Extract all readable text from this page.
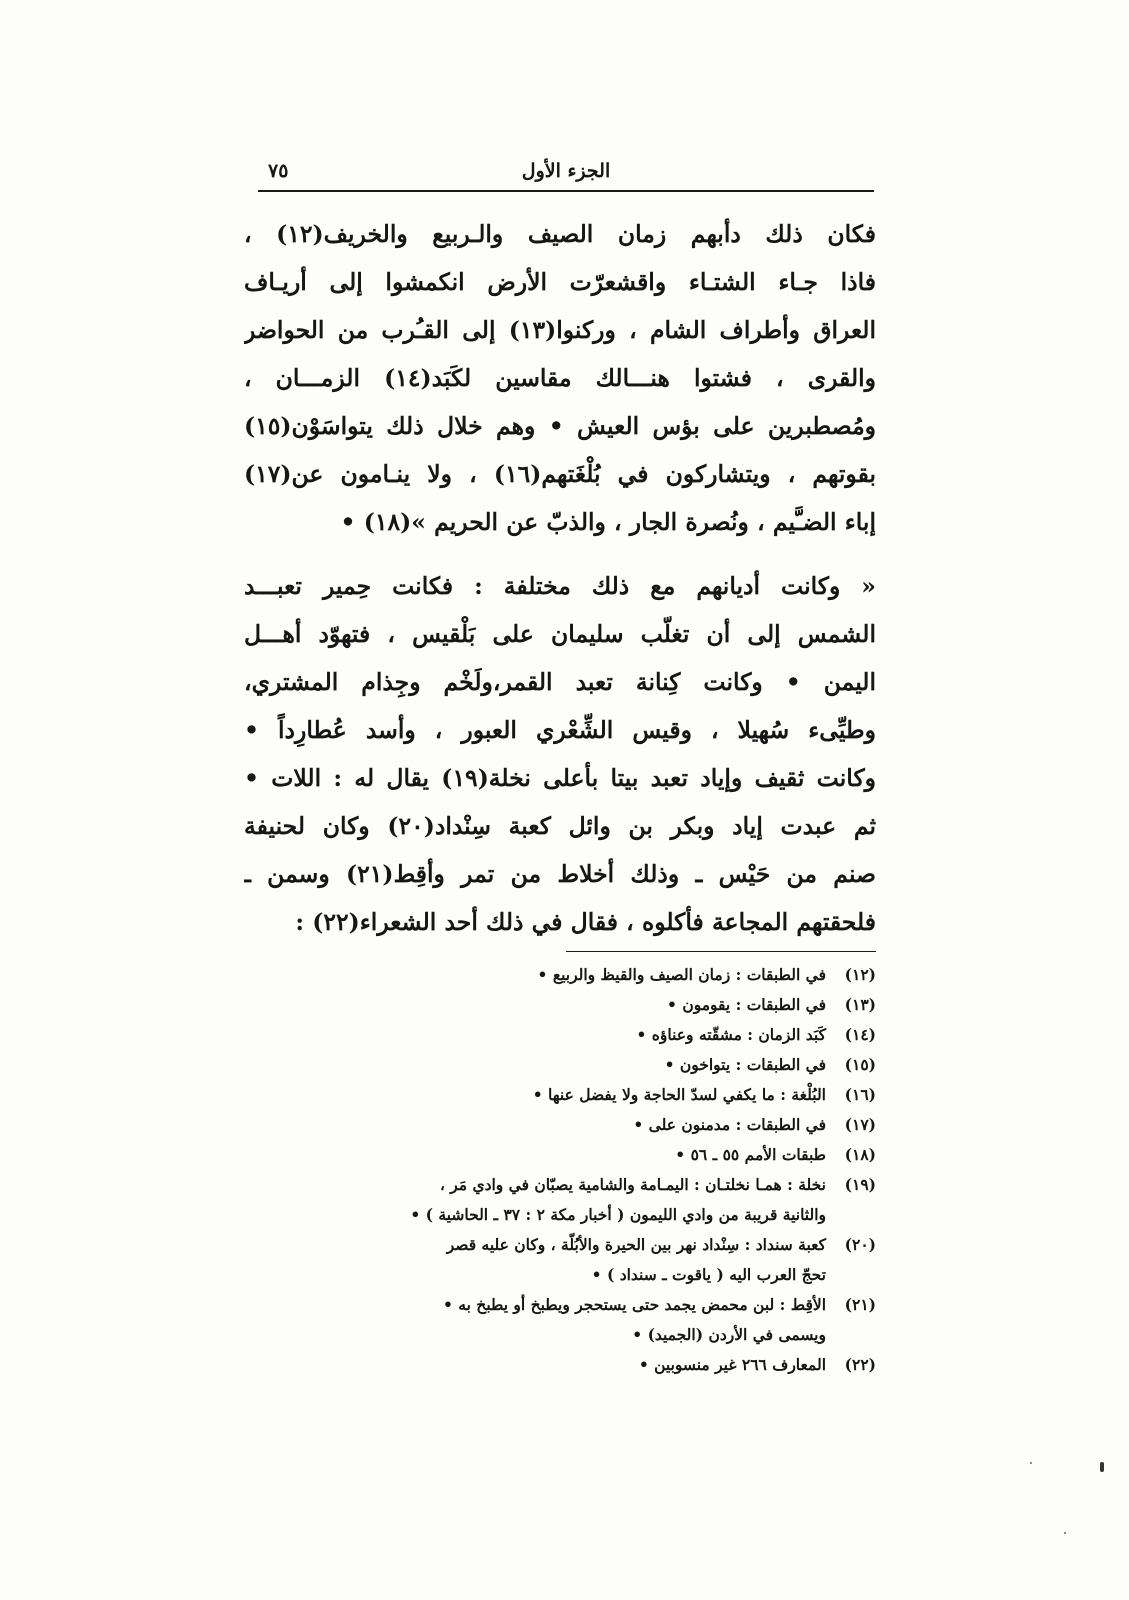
الجزء الأول
٧٥
فكان ذلك دأبهم زمان الصيف والـربيع والخريف(١٢) ،
فاذا جـاء الشتـاء واقشعرّت الأرض انكمشوا إلى أريـاف
العراق وأطراف الشام ، وركنوا(١٣) إلى القـُرب من الحواضر
والقرى ، فشتوا هنـــالك مقاسين لكَبَد(١٤) الزمـــان ،
ومُصطبرين على بؤس العيش • وهم خلال ذلك يتواسَوْن(١٥)
بقوتهم ، ويتشاركون في بُلْغَتهم(١٦) ، ولا ينـامون عن(١٧)
إباء الضـَّيم ، ونُصرة الجار ، والذبّ عن الحريم »(١٨) •
« وكانت أديانهم مع ذلك مختلفة : فكانت حِمير تعبـــد
الشمس إلى أن تغلّب سليمان على بَلْقيس ، فتهوّد أهـــل
اليمن • وكانت كِنانة تعبد القمر،ولَخْم وجِذام المشتري،
وطيِّىء سُهيلا ، وقيس الشِّعْري العبور ، وأسد عُطارِداً •
وكانت ثقيف وإياد تعبد بيتا بأعلى نخلة(١٩) يقال له : اللات •
ثم عبدت إياد وبكر بن وائل كعبة سِنْداد(٢٠) وكان لحنيفة
صنم من حَيْس ـ وذلك أخلاط من تمر وأقِط(٢١) وسمن ـ
فلحقتهم المجاعة فأكلوه ، فقال في ذلك أحد الشعراء(٢٢) :
(١٢)في الطبقات : زمان الصيف والقيظ والربيع •
(١٣)في الطبقات : يقومون •
(١٤)كَبَد الزمان : مشقّته وعناؤه •
(١٥)في الطبقات : يتواخون •
(١٦)البُلْغة : ما يكفي لسدّ الحاجة ولا يفضل عنها •
(١٧)في الطبقات : مدمنون على •
(١٨)طبقات الأمم ٥٥ ـ ٥٦ •
(١٩)نخلة : همـا نخلتـان : اليمـامة والشامية يصبّان في وادي مَر ،
والثانية قريبة من وادي الليمون ( أخبار مكة ٢ : ٣٧ ـ الحاشية ) •
(٢٠)كعبة سنداد : سِنْداد نهر بين الحيرة والأبُلّة ، وكان عليه قصر
تحجّ العرب اليه ( ياقوت ـ سنداد ) •
(٢١)الأقِط : لبن محمض يجمد حتى يستحجر ويطبخ أو يطبخ به •
ويسمى في الأردن (الجميد) •
(٢٢)المعارف ٢٦٦ غير منسوبين •
